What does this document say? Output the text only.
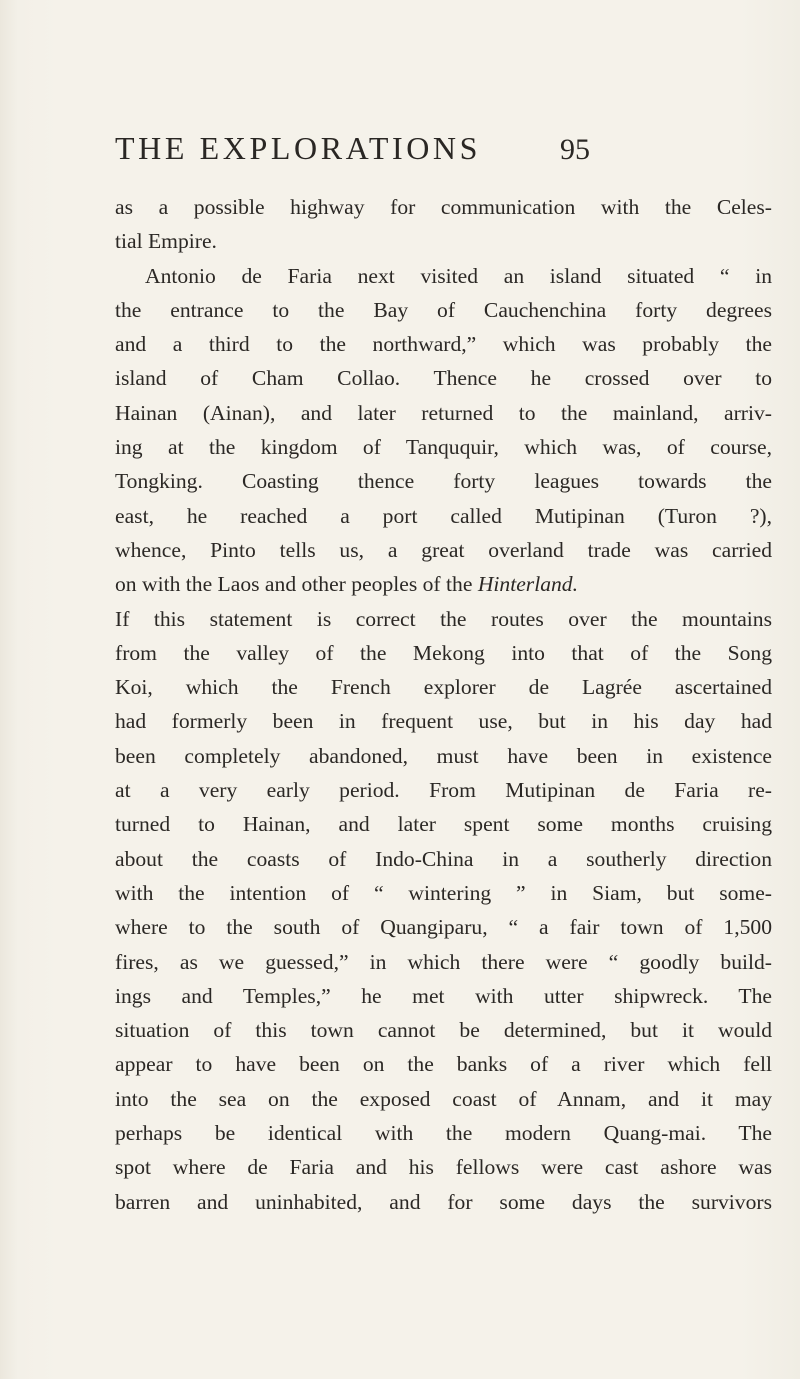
THE EXPLORATIONS	95
as a possible highway for communication with the Celes-
tial Empire.
Antonio de Faria next visited an island situated “ in
the entrance to the Bay of Cauchenchina forty degrees
and a third to the northward,” which was probably the
island of Cham Collao. Thence he crossed over to
Hainan (Ainan), and later returned to the mainland, arriv-
ing at the kingdom of Tanququir, which was, of course,
Tongking. Coasting thence forty leagues towards the
east, he reached a port called Mutipinan (Turon ?),
whence, Pinto tells us, a great overland trade was carried
on with the Laos and other peoples of the Hinterland.
If this statement is correct the routes over the mountains
from the valley of the Mekong into that of the Song
Koi, which the French explorer de Lagrée ascertained
had formerly been in frequent use, but in his day had
been completely abandoned, must have been in existence
at a very early period. From Mutipinan de Faria re-
turned to Hainan, and later spent some months cruising
about the coasts of Indo-China in a southerly direction
with the intention of “ wintering ” in Siam, but some-
where to the south of Quangiparu, “ a fair town of 1,500
fires, as we guessed,” in which there were “ goodly build-
ings and Temples,” he met with utter shipwreck. The
situation of this town cannot be determined, but it would
appear to have been on the banks of a river which fell
into the sea on the exposed coast of Annam, and it may
perhaps be identical with the modern Quang-mai. The
spot where de Faria and his fellows were cast ashore was
barren and uninhabited, and for some days the survivors
